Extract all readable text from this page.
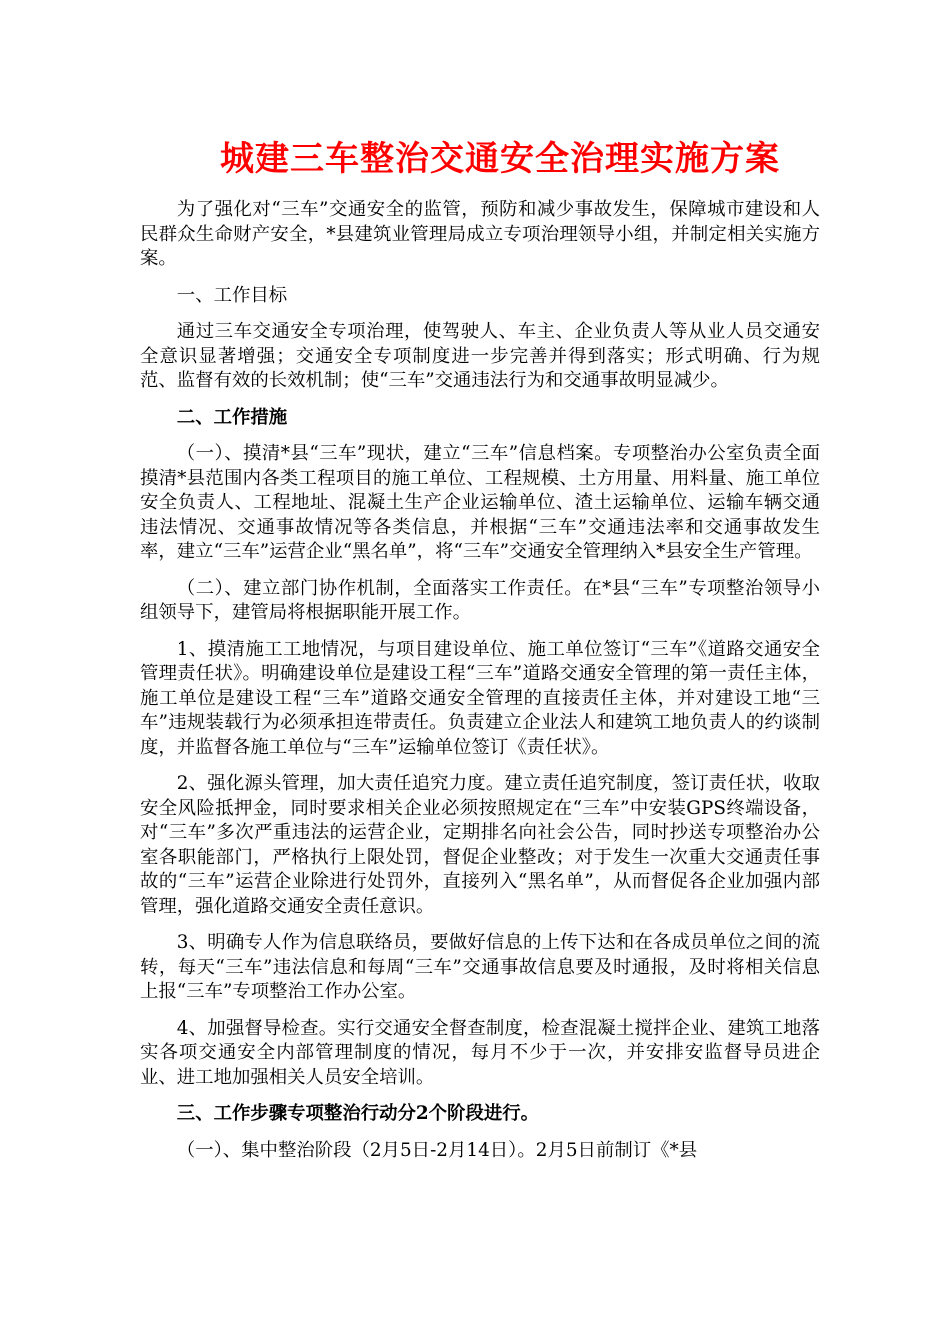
城建三车整治交通安全治理实施方案

为了强化对“三车”交通安全的监管，预防和减少事故发生，保障城市建设和人民群众生命财产安全，*县建筑业管理局成立专项治理领导小组，并制定相关实施方案。

一、工作目标

通过三车交通安全专项治理，使驾驶人、车主、企业负责人等从业人员交通安全意识显著增强；交通安全专项制度进一步完善并得到落实；形式明确、行为规范、监督有效的长效机制；使“三车”交通违法行为和交通事故明显减少。

二、工作措施

（一）、摸清*县“三车”现状，建立“三车”信息档案。专项整治办公室负责全面摸清*县范围内各类工程项目的施工单位、工程规模、土方用量、用料量、施工单位安全负责人、工程地址、混凝土生产企业运输单位、渣土运输单位、运输车辆交通违法情况、交通事故情况等各类信息，并根据“三车”交通违法率和交通事故发生率，建立“三车”运营企业“黑名单”，将“三车”交通安全管理纳入*县安全生产管理。

（二）、建立部门协作机制，全面落实工作责任。在*县“三车”专项整治领导小组领导下，建管局将根据职能开展工作。

1、摸清施工工地情况，与项目建设单位、施工单位签订“三车”《道路交通安全管理责任状》。明确建设单位是建设工程“三车”道路交通安全管理的第一责任主体，施工单位是建设工程“三车”道路交通安全管理的直接责任主体，并对建设工地“三车”违规装载行为必须承担连带责任。负责建立企业法人和建筑工地负责人的约谈制度，并监督各施工单位与“三车”运输单位签订《责任状》。

2、强化源头管理，加大责任追究力度。建立责任追究制度，签订责任状，收取安全风险抵押金，同时要求相关企业必须按照规定在“三车”中安装GPS终端设备，对“三车”多次严重违法的运营企业，定期排名向社会公告，同时抄送专项整治办公室各职能部门，严格执行上限处罚，督促企业整改；对于发生一次重大交通责任事故的“三车”运营企业除进行处罚外，直接列入“黑名单”，从而督促各企业加强内部管理，强化道路交通安全责任意识。

3、明确专人作为信息联络员，要做好信息的上传下达和在各成员单位之间的流转，每天“三车”违法信息和每周“三车”交通事故信息要及时通报，及时将相关信息上报“三车”专项整治工作办公室。

4、加强督导检查。实行交通安全督查制度，检查混凝土搅拌企业、建筑工地落实各项交通安全内部管理制度的情况，每月不少于一次，并安排安监督导员进企业、进工地加强相关人员安全培训。

三、工作步骤专项整治行动分2个阶段进行。

（一）、集中整治阶段（2月5日-2月14日）。2月5日前制订《*县
